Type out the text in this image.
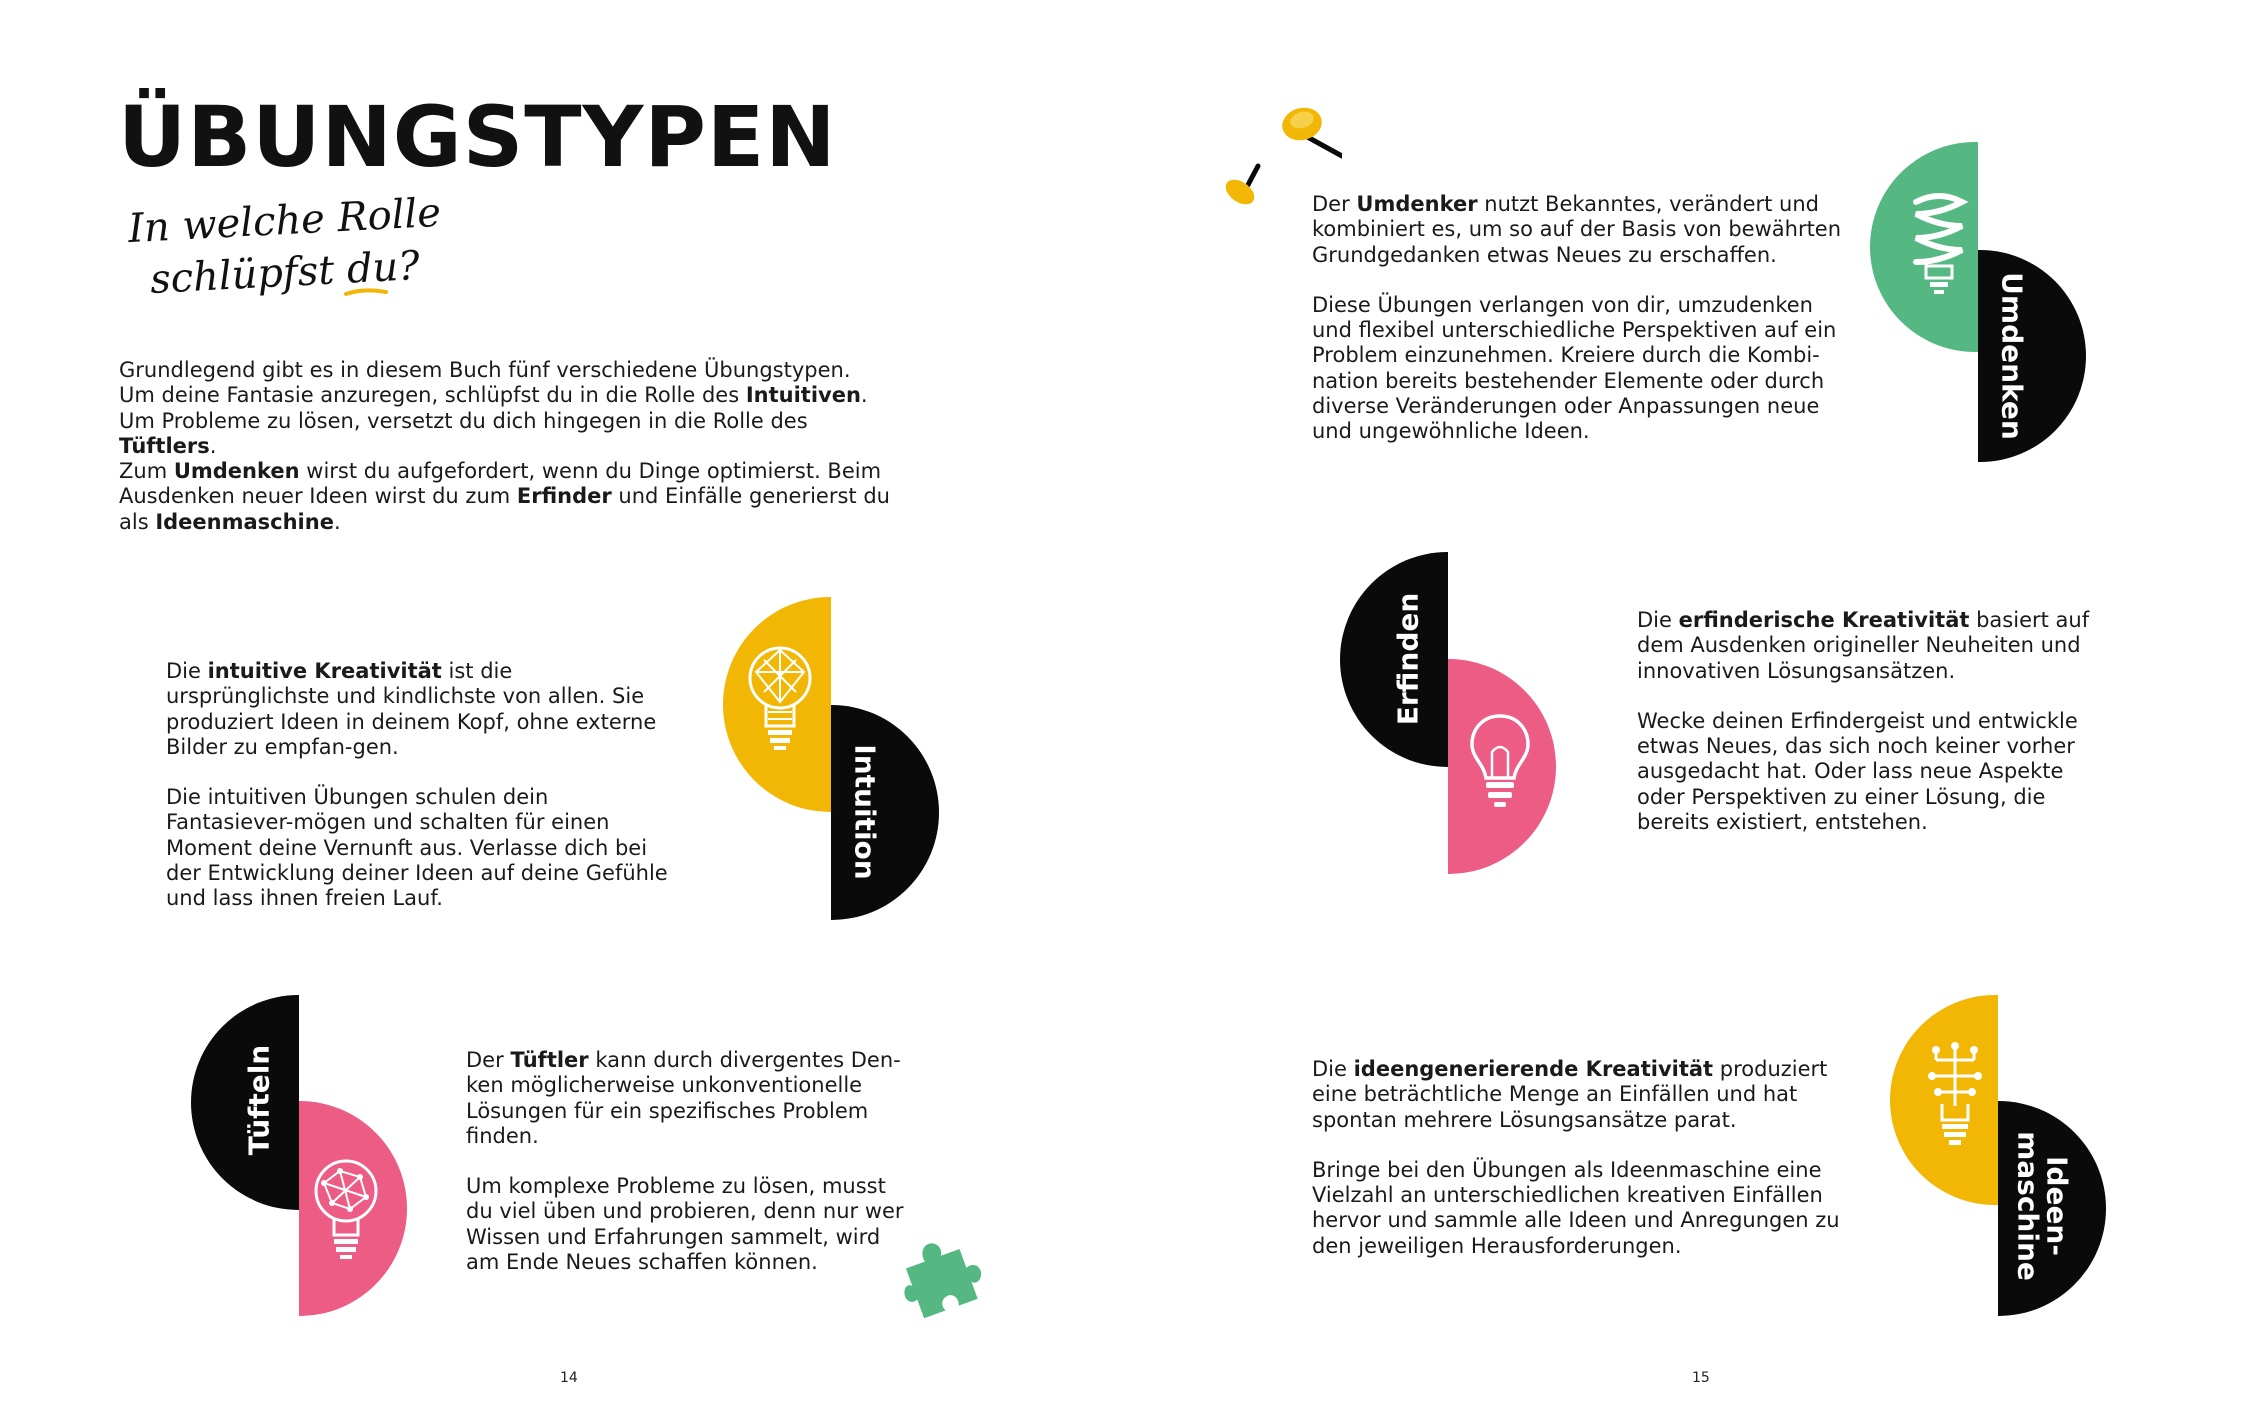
ÜBUNGSTYPEN
In welche Rolle
schlüpfst du?
Grundlegend gibt es in diesem Buch fünf verschiedene Übungstypen.
Um deine Fantasie anzuregen, schlüpfst du in die Rolle des Intuitiven.
Um Probleme zu lösen, versetzt du dich hingegen in die Rolle des Tüftlers.
Zum Umdenken wirst du aufgefordert, wenn du Dinge optimierst. Beim
Ausdenken neuer Ideen wirst du zum Erfinder und Einfälle generierst du
als Ideenmaschine.

Die intuitive Kreativität ist die ursprünglichste und kindlichste von allen. Sie produziert Ideen in deinem Kopf, ohne externe Bilder zu empfan-gen.

Die intuitiven Übungen schulen dein Fantasiever-mögen und schalten für einen Moment deine Vernunft aus. Verlasse dich bei der Entwicklung deiner Ideen auf deine Gefühle und lass ihnen freien Lauf.

Intuition
Tüfteln	Der Tüftler kann durch divergentes Den-ken möglicherweise unkonventionelle Lösungen für ein spezifisches Problem finden.

Um komplexe Probleme zu lösen, musst du viel üben und probieren, denn nur wer Wissen und Erfahrungen sammelt, wird am Ende Neues schaffen können.

14

Der Umdenker nutzt Bekanntes, verändert und kombiniert es, um so auf der Basis von bewährten Grundgedanken etwas Neues zu erschaffen.

Diese Übungen verlangen von dir, umzudenken und flexibel unterschiedliche Perspektiven auf ein Problem einzunehmen. Kreiere durch die Kombi-nation bereits bestehender Elemente oder durch diverse Veränderungen oder Anpassungen neue und ungewöhnliche Ideen.	Umdenken
Erfinden	Die erfinderische Kreativität basiert auf dem Ausdenken origineller Neuheiten und innovativen Lösungsansätzen.

Wecke deinen Erfindergeist und entwickle etwas Neues, das sich noch keiner vorher ausgedacht hat. Oder lass neue Aspekte oder Perspektiven zu einer Lösung, die bereits existiert, entstehen.

Die ideengenerierende Kreativität produziert eine beträchtliche Menge an Einfällen und hat spontan mehrere Lösungsansätze parat.

Bringe bei den Übungen als Ideenmaschine eine Vielzahl an unterschiedlichen kreativen Einfällen hervor und sammle alle Ideen und Anregungen zu den jeweiligen Herausforderungen.	Ideen-
maschine
15
